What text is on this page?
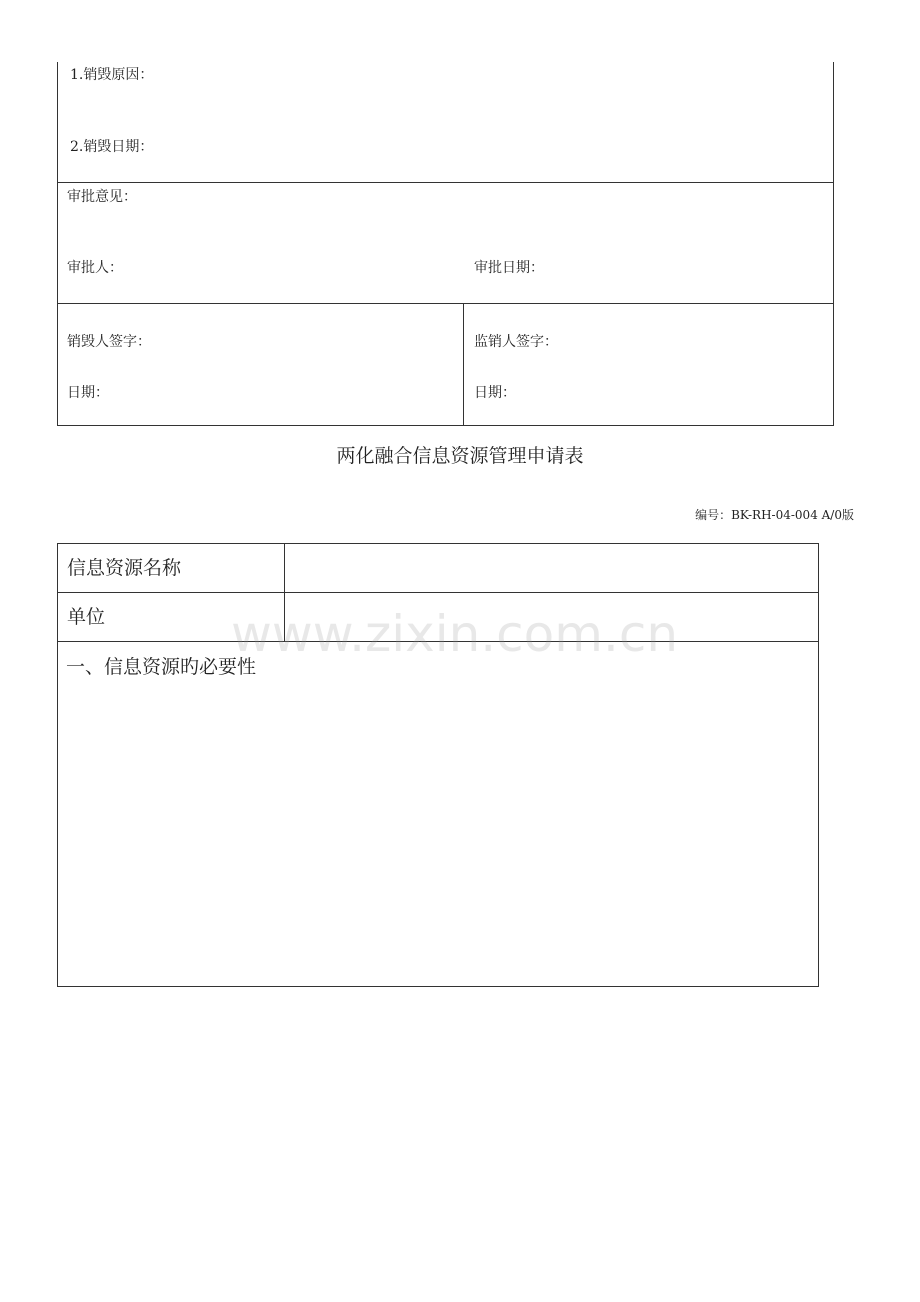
1.销毁原因：
2.销毁日期：
审批意见：
审批人：	审批日期：
销毁人签字：
日期：
监销人签字：
日期：
两化融合信息资源管理申请表
编号：BK-RH-04-004 A/0版
信息资源名称
单位
一、信息资源旳必要性
www.zixin.com.cn
